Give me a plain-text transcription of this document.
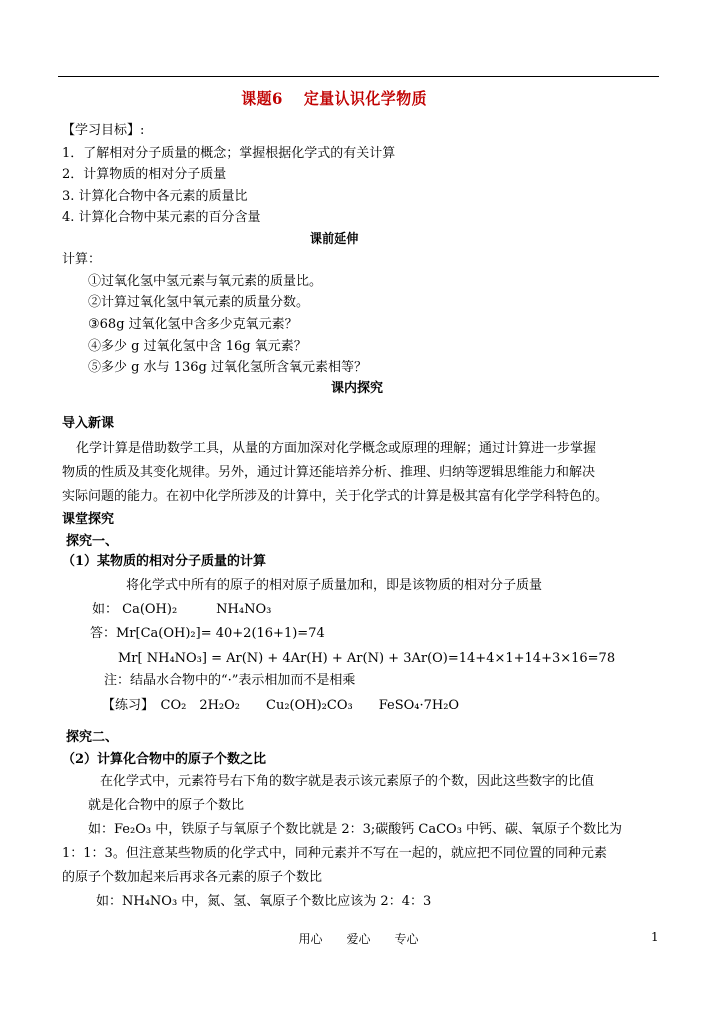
课题6　 定量认识化学物质
【学习目标】:
1．了解相对分子质量的概念；掌握根据化学式的有关计算
2．计算物质的相对分子质量
3. 计算化合物中各元素的质量比
4. 计算化合物中某元素的百分含量
课前延伸
计算：
①过氧化氢中氢元素与氧元素的质量比。
②计算过氧化氢中氧元素的质量分数。
③68g 过氧化氢中含多少克氧元素？
④多少 g 过氧化氢中含 16g 氧元素？
⑤多少 g 水与 136g 过氧化氢所含氧元素相等？
课内探究
导入新课
化学计算是借助数学工具，从量的方面加深对化学概念或原理的理解；通过计算进一步掌握
物质的性质及其变化规律。另外，通过计算还能培养分析、推理、归纳等逻辑思维能力和解决
实际问题的能力。在初中化学所涉及的计算中，关于化学式的计算是极其富有化学学科特色的。
课堂探究
探究一、
（1）某物质的相对分子质量的计算
将化学式中所有的原子的相对原子质量加和，即是该物质的相对分子质量
如： Ca(OH)₂　　　NH₄NO₃
答：Mr[Ca(OH)₂]= 40+2(16+1)=74
Mr[ NH₄NO₃] = Ar(N) + 4Ar(H) + Ar(N) + 3Ar(O)=14+4×1+14+3×16=78
注：结晶水合物中的“·”表示相加而不是相乘
【练习】　CO₂　2H₂O₂　　Cu₂(OH)₂CO₃　　FeSO₄·7H₂O
探究二、
（2）计算化合物中的原子个数之比
在化学式中，元素符号右下角的数字就是表示该元素原子的个数，因此这些数字的比值
就是化合物中的原子个数比
如：Fe₂O₃ 中，铁原子与氧原子个数比就是 2：3;碳酸钙 CaCO₃ 中钙、碳、氧原子个数比为
1：1：3。但注意某些物质的化学式中，同种元素并不写在一起的，就应把不同位置的同种元素
的原子个数加起来后再求各元素的原子个数比
如：NH₄NO₃ 中，氮、氢、氧原子个数比应该为 2：4：3
用心　　爱心　　专心	1
